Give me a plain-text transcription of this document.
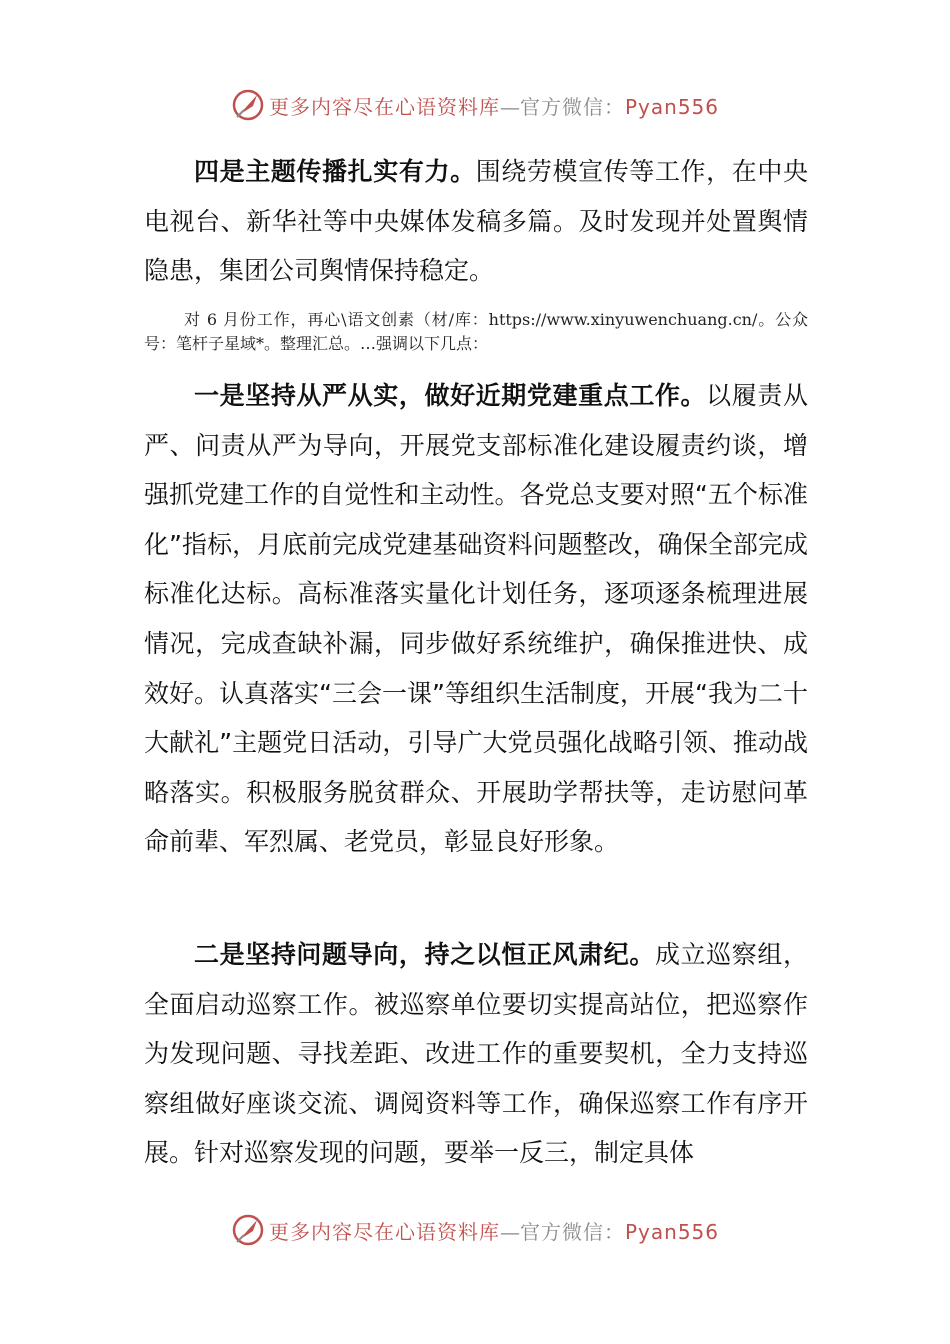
更多内容尽在心语资料库—官方微信：Pyan556

四是主题传播扎实有力。围绕劳模宣传等工作，在中央电视台、新华社等中央媒体发稿多篇。及时发现并处置舆情隐患，集团公司舆情保持稳定。

对 6 月份工作，再心\语文创素（材/库：https://www.xinyuwenchuang.cn/。公众号：笔杆子星域*。整理汇总。…强调以下几点：

一是坚持从严从实，做好近期党建重点工作。以履责从严、问责从严为导向，开展党支部标准化建设履责约谈，增强抓党建工作的自觉性和主动性。各党总支要对照“五个标准化”指标，月底前完成党建基础资料问题整改，确保全部完成标准化达标。高标准落实量化计划任务，逐项逐条梳理进展情况，完成查缺补漏，同步做好系统维护，确保推进快、成效好。认真落实“三会一课”等组织生活制度，开展“我为二十大献礼”主题党日活动，引导广大党员强化战略引领、推动战略落实。积极服务脱贫群众、开展助学帮扶等，走访慰问革命前辈、军烈属、老党员，彰显良好形象。

二是坚持问题导向，持之以恒正风肃纪。成立巡察组，全面启动巡察工作。被巡察单位要切实提高站位，把巡察作为发现问题、寻找差距、改进工作的重要契机，全力支持巡察组做好座谈交流、调阅资料等工作，确保巡察工作有序开展。针对巡察发现的问题，要举一反三，制定具体

更多内容尽在心语资料库—官方微信：Pyan556
